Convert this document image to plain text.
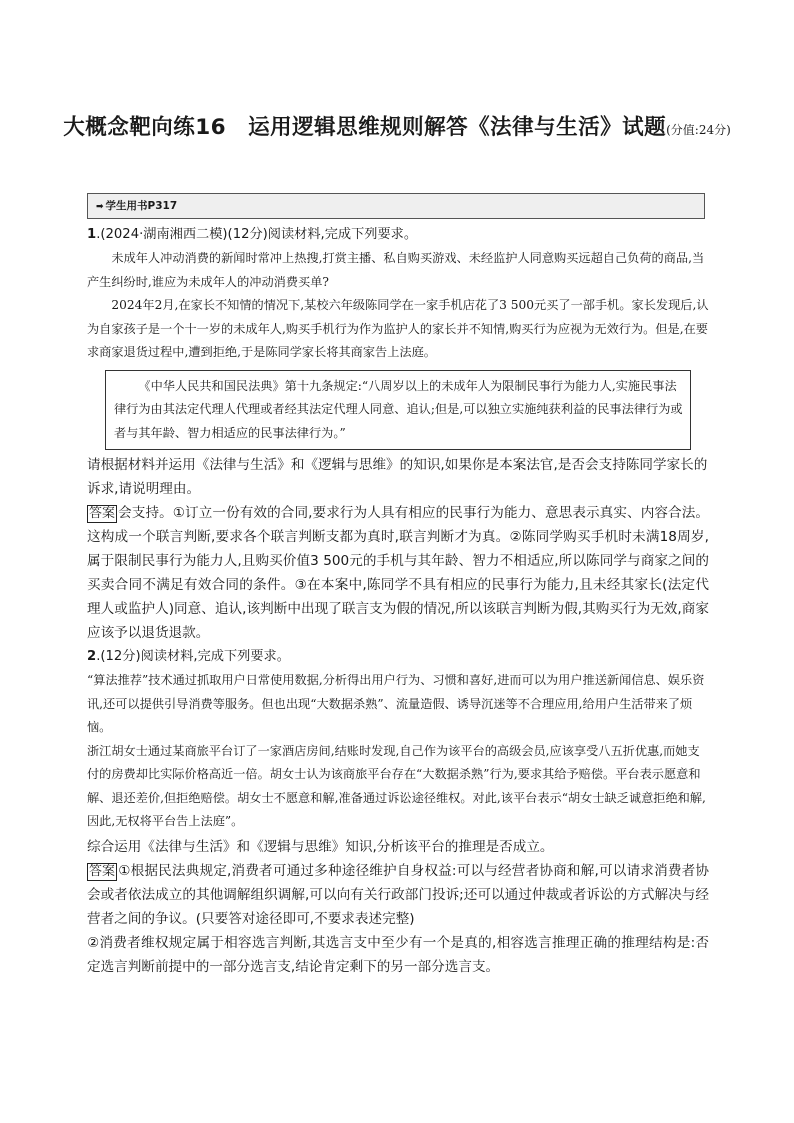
大概念靶向练16　运用逻辑思维规则解答《法律与生活》试题(分值:24分)
➡ 学生用书P317

1.(2024·湖南湘西二模)(12分)阅读材料,完成下列要求。

未成年人冲动消费的新闻时常冲上热搜,打赏主播、私自购买游戏、未经监护人同意购买远超自己负荷的商品,当产生纠纷时,谁应为未成年人的冲动消费买单?

2024年2月,在家长不知情的情况下,某校六年级陈同学在一家手机店花了3 500元买了一部手机。家长发现后,认为自家孩子是一个十一岁的未成年人,购买手机行为作为监护人的家长并不知情,购买行为应视为无效行为。但是,在要求商家退货过程中,遭到拒绝,于是陈同学家长将其商家告上法庭。

《中华人民共和国民法典》第十九条规定:“八周岁以上的未成年人为限制民事行为能力人,实施民事法律行为由其法定代理人代理或者经其法定代理人同意、追认;但是,可以独立实施纯获利益的民事法律行为或者与其年龄、智力相适应的民事法律行为。”

请根据材料并运用《法律与生活》和《逻辑与思维》的知识,如果你是本案法官,是否会支持陈同学家长的诉求,请说明理由。

答案 会支持。①订立一份有效的合同,要求行为人具有相应的民事行为能力、意思表示真实、内容合法。这构成一个联言判断,要求各个联言判断支都为真时,联言判断才为真。②陈同学购买手机时未满18周岁,属于限制民事行为能力人,且购买价值3 500元的手机与其年龄、智力不相适应,所以陈同学与商家之间的买卖合同不满足有效合同的条件。③在本案中,陈同学不具有相应的民事行为能力,且未经其家长(法定代理人或监护人)同意、追认,该判断中出现了联言支为假的情况,所以该联言判断为假,其购买行为无效,商家应该予以退货退款。

2.(12分)阅读材料,完成下列要求。

“算法推荐”技术通过抓取用户日常使用数据,分析得出用户行为、习惯和喜好,进而可以为用户推送新闻信息、娱乐资讯,还可以提供引导消费等服务。但也出现“大数据杀熟”、流量造假、诱导沉迷等不合理应用,给用户生活带来了烦恼。

浙江胡女士通过某商旅平台订了一家酒店房间,结账时发现,自己作为该平台的高级会员,应该享受八五折优惠,而她支付的房费却比实际价格高近一倍。胡女士认为该商旅平台存在“大数据杀熟”行为,要求其给予赔偿。平台表示愿意和解、退还差价,但拒绝赔偿。胡女士不愿意和解,准备通过诉讼途径维权。对此,该平台表示“胡女士缺乏诚意拒绝和解,因此,无权将平台告上法庭”。

综合运用《法律与生活》和《逻辑与思维》知识,分析该平台的推理是否成立。

答案 ①根据民法典规定,消费者可通过多种途径维护自身权益:可以与经营者协商和解,可以请求消费者协会或者依法成立的其他调解组织调解,可以向有关行政部门投诉;还可以通过仲裁或者诉讼的方式解决与经营者之间的争议。(只要答对途径即可,不要求表述完整)

②消费者维权规定属于相容选言判断,其选言支中至少有一个是真的,相容选言推理正确的推理结构是:否定选言判断前提中的一部分选言支,结论肯定剩下的另一部分选言支。
